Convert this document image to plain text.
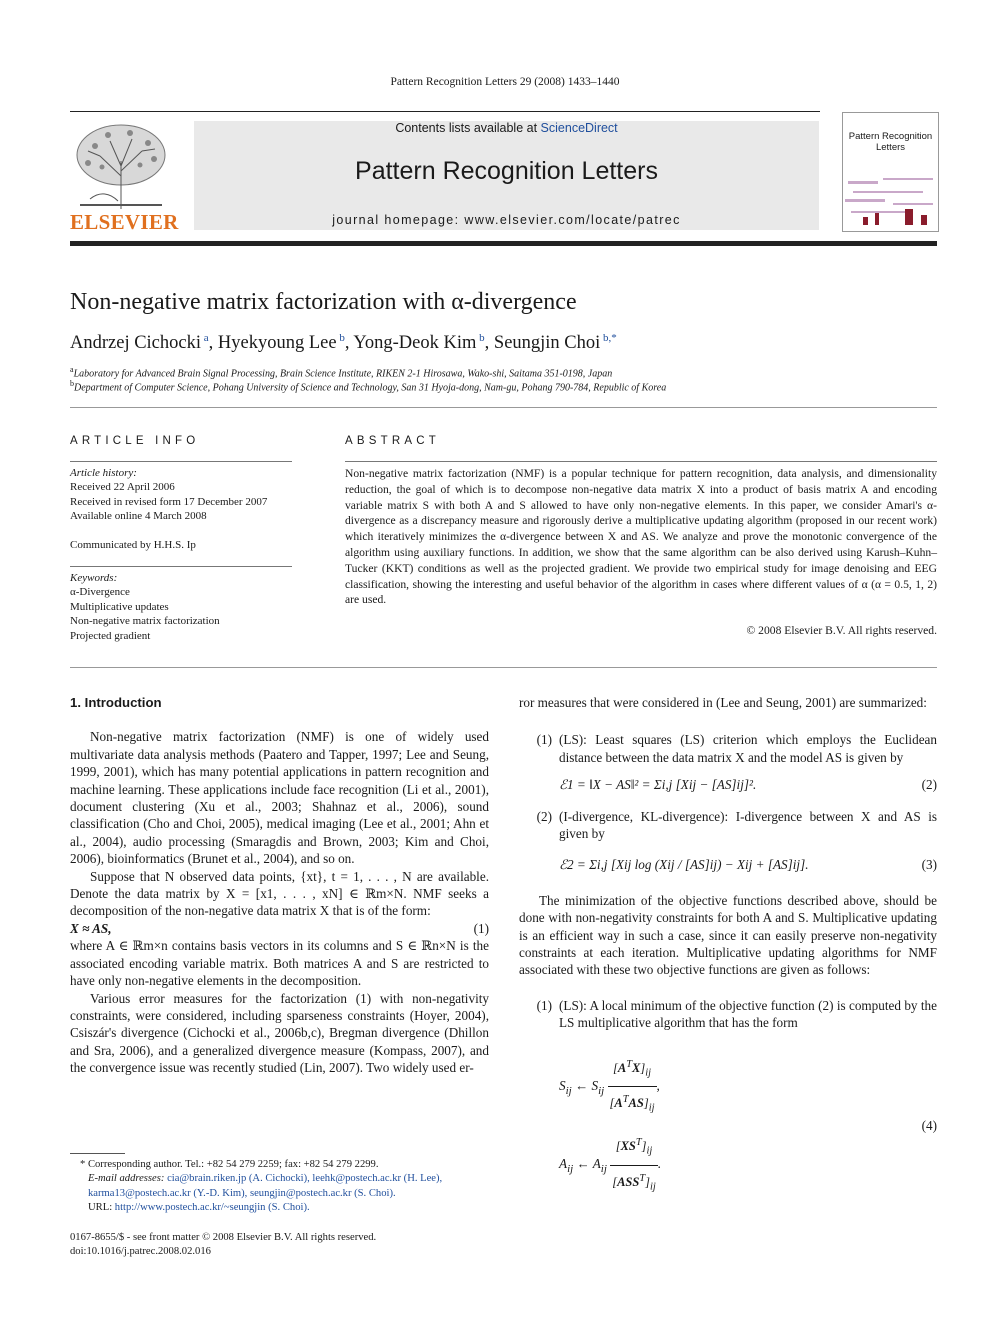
Pattern Recognition Letters 29 (2008) 1433–1440
ELSEVIER
Contents lists available at ScienceDirect
Pattern Recognition Letters
journal homepage: www.elsevier.com/locate/patrec
Pattern Recognition
Letters
Non-negative matrix factorization with α-divergence
Andrzej Cichocki $^a$, Hyekyoung Lee $^b$, Yong-Deok Kim $^b$, Seungjin Choi $^{b,*}$
$^a$Laboratory for Advanced Brain Signal Processing, Brain Science Institute, RIKEN 2-1 Hirosawa, Wako-shi, Saitama 351-0198, Japan
$^b$Department of Computer Science, Pohang University of Science and Technology, San 31 Hyoja-dong, Nam-gu, Pohang 790-784, Republic of Korea
ARTICLE INFO
Article history:
Received 22 April 2006
Received in revised form 17 December 2007
Available online 4 March 2008
Communicated by H.H.S. Ip
Keywords:
α-Divergence
Multiplicative updates
Non-negative matrix factorization
Projected gradient
ABSTRACT
Non-negative matrix factorization (NMF) is a popular technique for pattern recognition, data analysis, and dimensionality reduction, the goal of which is to decompose non-negative data matrix X into a product of basis matrix A and encoding variable matrix S with both A and S allowed to have only non-negative elements. In this paper, we consider Amari's α-divergence as a discrepancy measure and rigorously derive a multiplicative updating algorithm (proposed in our recent work) which iteratively minimizes the α-divergence between X and AS. We analyze and prove the monotonic convergence of the algorithm using auxiliary functions. In addition, we show that the same algorithm can be also derived using Karush–Kuhn–Tucker (KKT) conditions as well as the projected gradient. We provide two empirical study for image denoising and EEG classification, showing the interesting and useful behavior of the algorithm in cases where different values of α (α = 0.5, 1, 2) are used.
© 2008 Elsevier B.V. All rights reserved.
1. Introduction

Non-negative matrix factorization (NMF) is one of widely used multivariate data analysis methods (Paatero and Tapper, 1997; Lee and Seung, 1999, 2001), which has many potential applications in pattern recognition and machine learning. These applications include face recognition (Li et al., 2001), document clustering (Xu et al., 2003; Shahnaz et al., 2006), sound classification (Cho and Choi, 2005), medical imaging (Lee et al., 2001; Ahn et al., 2004), audio processing (Smaragdis and Brown, 2003; Kim and Choi, 2006), bioinformatics (Brunet et al., 2004), and so on.

Suppose that N observed data points, {xt}, t = 1, . . . , N are available. Denote the data matrix by X = [x1, . . . , xN] ∈ ℝm×N. NMF seeks a decomposition of the non-negative data matrix X that is of the form:

X ≈ AS,	(1)

where A ∈ ℝm×n contains basis vectors in its columns and S ∈ ℝn×N is the associated encoding variable matrix. Both matrices A and S are restricted to have only non-negative elements in the decomposition.

Various error measures for the factorization (1) with non-negativity constraints, were considered, including sparseness constraints (Hoyer, 2004), Csiszár's divergence (Cichocki et al., 2006b,c), Bregman divergence (Dhillon and Sra, 2006), and a generalized divergence measure (Kompass, 2007), and the convergence issue was recently studied (Lin, 2007). Two widely used er-

ror measures that were considered in (Lee and Seung, 2001) are summarized:

(1) (LS): Least squares (LS) criterion which employs the Euclidean distance between the data matrix X and the model AS is given by
ℰ1 = ‖X − AS‖² = Σi,j [Xij − [AS]ij]².	(2)
(2) (I-divergence, KL-divergence): I-divergence between X and AS is given by
ℰ2 = Σi,j [Xij log (Xij / [AS]ij) − Xij + [AS]ij].	(3)

The minimization of the objective functions described above, should be done with non-negativity constraints for both A and S. Multiplicative updating is an efficient way in such a case, since it can easily preserve non-negativity constraints at each iteration. Multiplicative updating algorithms for NMF associated with these two objective functions are given as follows:

(1) (LS): A local minimum of the objective function (2) is computed by the LS multiplicative algorithm that has the form
$S_{ij}$ ← $S_{ij} \frac{[A^TX]_{ij}}{[A^TAS]_{ij}}$ ,
$A_{ij}$ ← $A_{ij} \frac{[XS^T]_{ij}}{[ASS^T]_{ij}}$ .
(4)
* Corresponding author. Tel.: +82 54 279 2259; fax: +82 54 279 2299.
E-mail addresses: cia@brain.riken.jp (A. Cichocki), leehk@postech.ac.kr (H. Lee), karma13@postech.ac.kr (Y.-D. Kim), seungjin@postech.ac.kr (S. Choi).
URL: http://www.postech.ac.kr/~seungjin (S. Choi).
0167-8655/$ - see front matter © 2008 Elsevier B.V. All rights reserved.
doi:10.1016/j.patrec.2008.02.016
